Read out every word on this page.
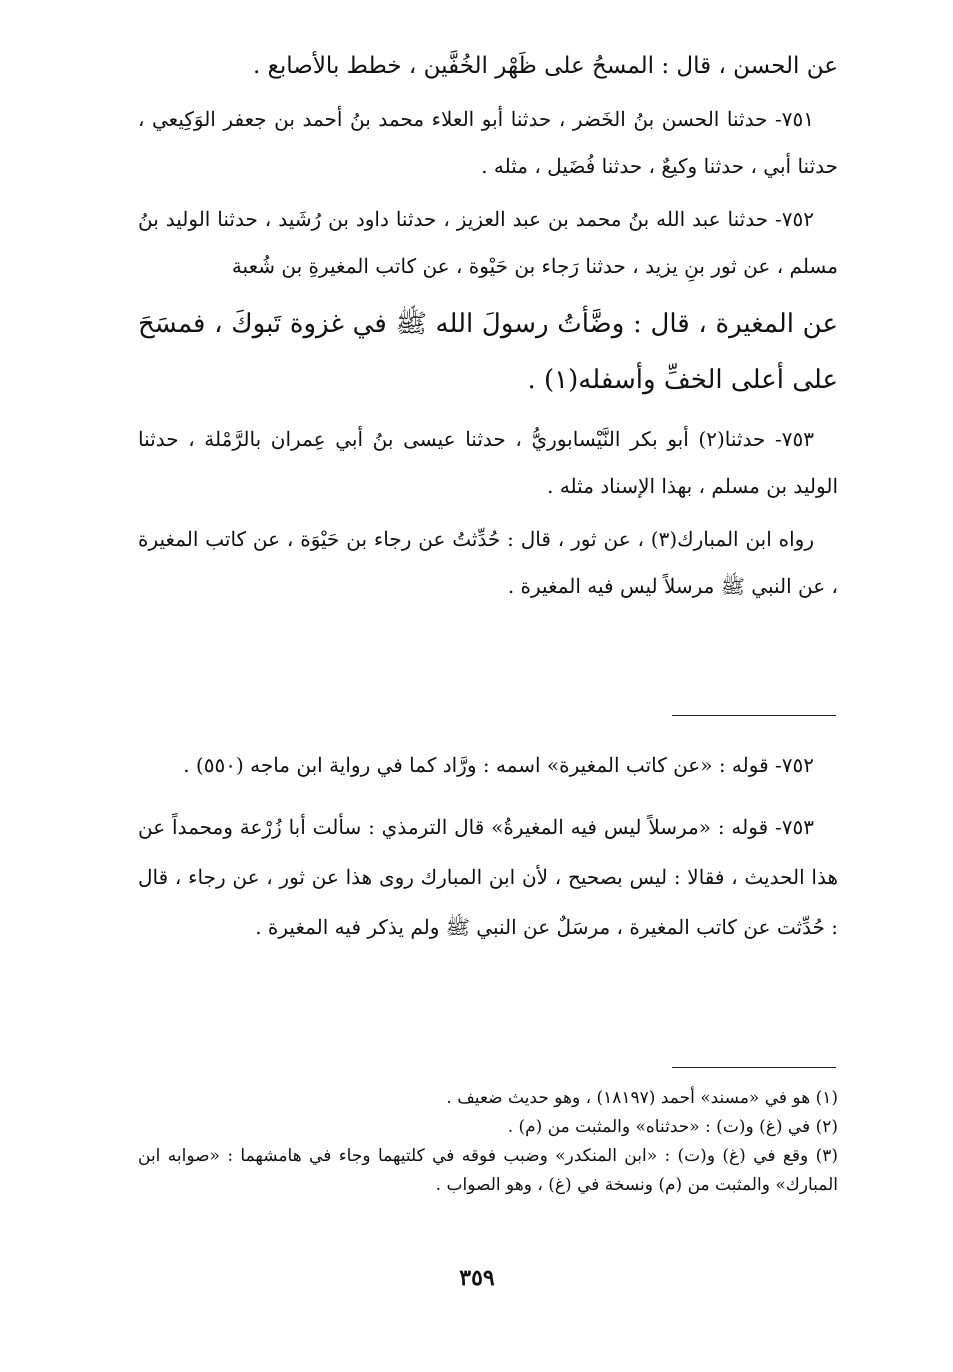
عن الحسن ، قال : المسحُ على ظَهْر الخُفَّين ، خطط بالأصابع .

٧٥١- حدثنا الحسن بنُ الخَضر ، حدثنا أبو العلاء محمد بنُ أحمد بن جعفر الوَكِيعي ، حدثنا أبي ، حدثنا وكيعٌ ، حدثنا فُضَيل ، مثله .

٧٥٢- حدثنا عبد الله بنُ محمد بن عبد العزيز ، حدثنا داود بن رُشَيد ، حدثنا الوليد بنُ مسلم ، عن ثور بنِ يزيد ، حدثنا رَجاء بن حَيْوة ، عن كاتب المغيرةِ بن شُعبة

عن المغيرة ، قال : وضَّأتُ رسولَ الله ﷺ في غزوة تَبوكَ ، فمسَحَ على أعلى الخفِّ وأسفله(١) .

٧٥٣- حدثنا(٢) أبو بكر النَّيْسابوريُّ ، حدثنا عيسى بنُ أبي عِمران بالرَّمْلة ، حدثنا الوليد بن مسلم ، بهذا الإسناد مثله .

رواه ابن المبارك(٣) ، عن ثور ، قال : حُدِّثتُ عن رجاء بن حَيْوَة ، عن كاتب المغيرة ، عن النبي ﷺ مرسلاً ليس فيه المغيرة .

٧٥٢- قوله : «عن كاتب المغيرة» اسمه : ورَّاد كما في رواية ابن ماجه (٥٥٠) .

٧٥٣- قوله : «مرسلاً ليس فيه المغيرةُ» قال الترمذي : سألت أبا زُرْعة ومحمداً عن هذا الحديث ، فقالا : ليس بصحيح ، لأن ابن المبارك روى هذا عن ثور ، عن رجاء ، قال : حُدِّثت عن كاتب المغيرة ، مرسَلٌ عن النبي ﷺ ولم يذكر فيه المغيرة .

(١) هو في «مسند» أحمد (١٨١٩٧) ، وهو حديث ضعيف .

(٢) في (غ) و(ت) : «حدثناه» والمثبت من (م) .

(٣) وقع في (غ) و(ت) : «ابن المنكدر» وضبب فوقه في كلتيهما وجاء في هامشهما : «صوابه ابن المبارك» والمثبت من (م) ونسخة في (غ) ، وهو الصواب .

٣٥٩
